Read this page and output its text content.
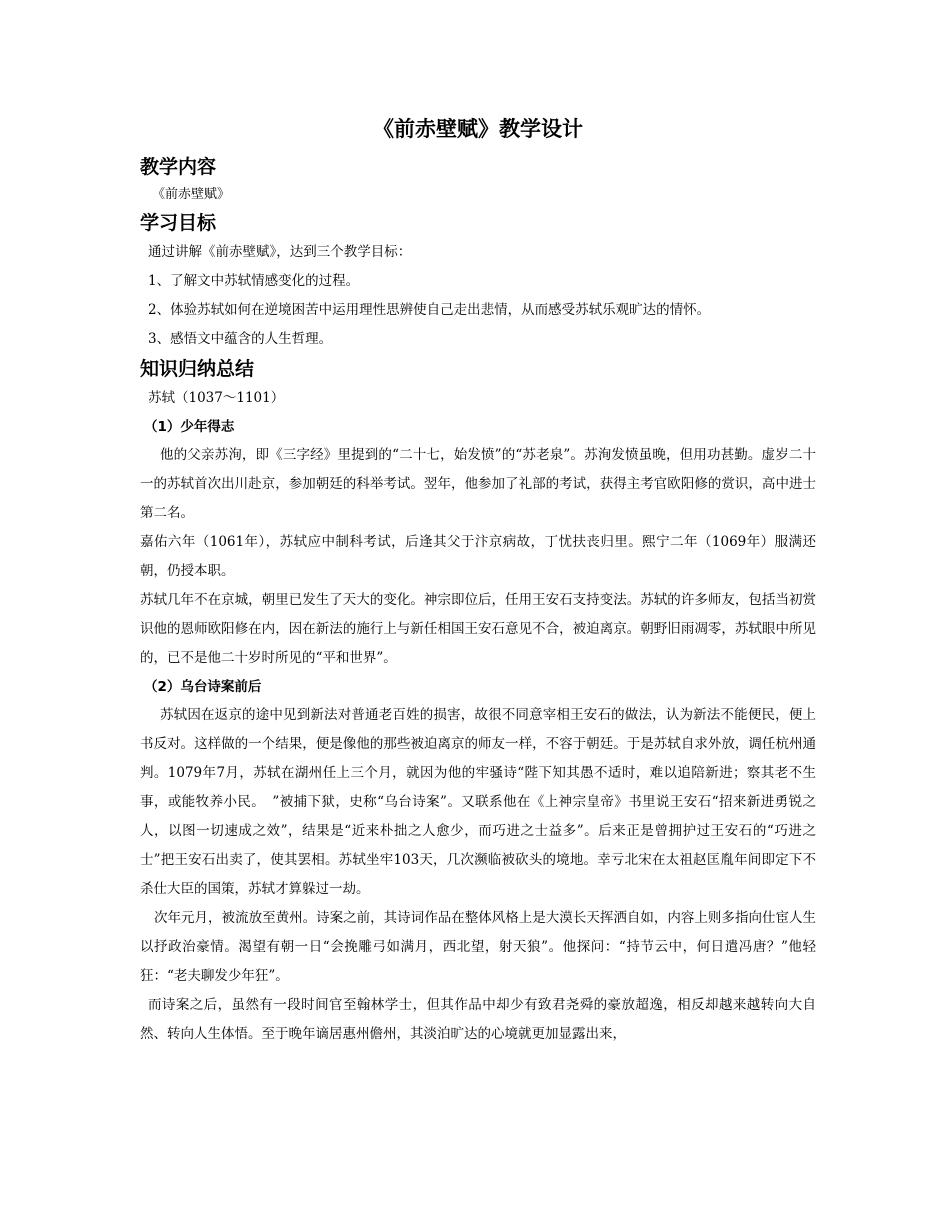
《前赤壁赋》教学设计
教学内容
《前赤壁赋》
学习目标
通过讲解《前赤壁赋》，达到三个教学目标：
1、了解文中苏轼情感变化的过程。
2、体验苏轼如何在逆境困苦中运用理性思辨使自己走出悲情，从而感受苏轼乐观旷达的情怀。
3、感悟文中蕴含的人生哲理。
知识归纳总结
苏轼（1037～1101）
（1）少年得志
他的父亲苏洵，即《三字经》里提到的“二十七，始发愤”的“苏老泉”。苏洵发愤虽晚，但用功甚勤。虚岁二十一的苏轼首次出川赴京，参加朝廷的科举考试。翌年，他参加了礼部的考试，获得主考官欧阳修的赏识，高中进士第二名。
嘉佑六年（1061年），苏轼应中制科考试，后逢其父于汴京病故，丁忧扶丧归里。熙宁二年（1069年）服满还朝，仍授本职。
苏轼几年不在京城，朝里已发生了天大的变化。神宗即位后，任用王安石支持变法。苏轼的许多师友，包括当初赏识他的恩师欧阳修在内，因在新法的施行上与新任相国王安石意见不合，被迫离京。朝野旧雨凋零，苏轼眼中所见的，已不是他二十岁时所见的“平和世界”。
（2）乌台诗案前后
苏轼因在返京的途中见到新法对普通老百姓的损害，故很不同意宰相王安石的做法，认为新法不能便民，便上书反对。这样做的一个结果，便是像他的那些被迫离京的师友一样，不容于朝廷。于是苏轼自求外放，调任杭州通判。1079年7月，苏轼在湖州任上三个月，就因为他的牢骚诗“陛下知其愚不适时，难以追陪新进；察其老不生事，或能牧养小民。　”被捕下狱，史称“乌台诗案”。又联系他在《上神宗皇帝》书里说王安石“招来新进勇锐之人，以图一切速成之效”，结果是“近来朴拙之人愈少，而巧进之士益多”。后来正是曾拥护过王安石的“巧进之士”把王安石出卖了，使其罢相。苏轼坐牢103天，几次濒临被砍头的境地。幸亏北宋在太祖赵匡胤年间即定下不杀仕大臣的国策，苏轼才算躲过一劫。
次年元月，被流放至黄州。诗案之前，其诗词作品在整体风格上是大漠长天挥洒自如，内容上则多指向仕宦人生以抒政治豪情。渴望有朝一日“会挽雕弓如满月，西北望，射天狼”。他探问：“持节云中，何日遣冯唐？”他轻狂：“老夫聊发少年狂”。
而诗案之后，虽然有一段时间官至翰林学士，但其作品中却少有致君尧舜的豪放超逸，相反却越来越转向大自然、转向人生体悟。至于晚年谪居惠州儋州，其淡泊旷达的心境就更加显露出来，
